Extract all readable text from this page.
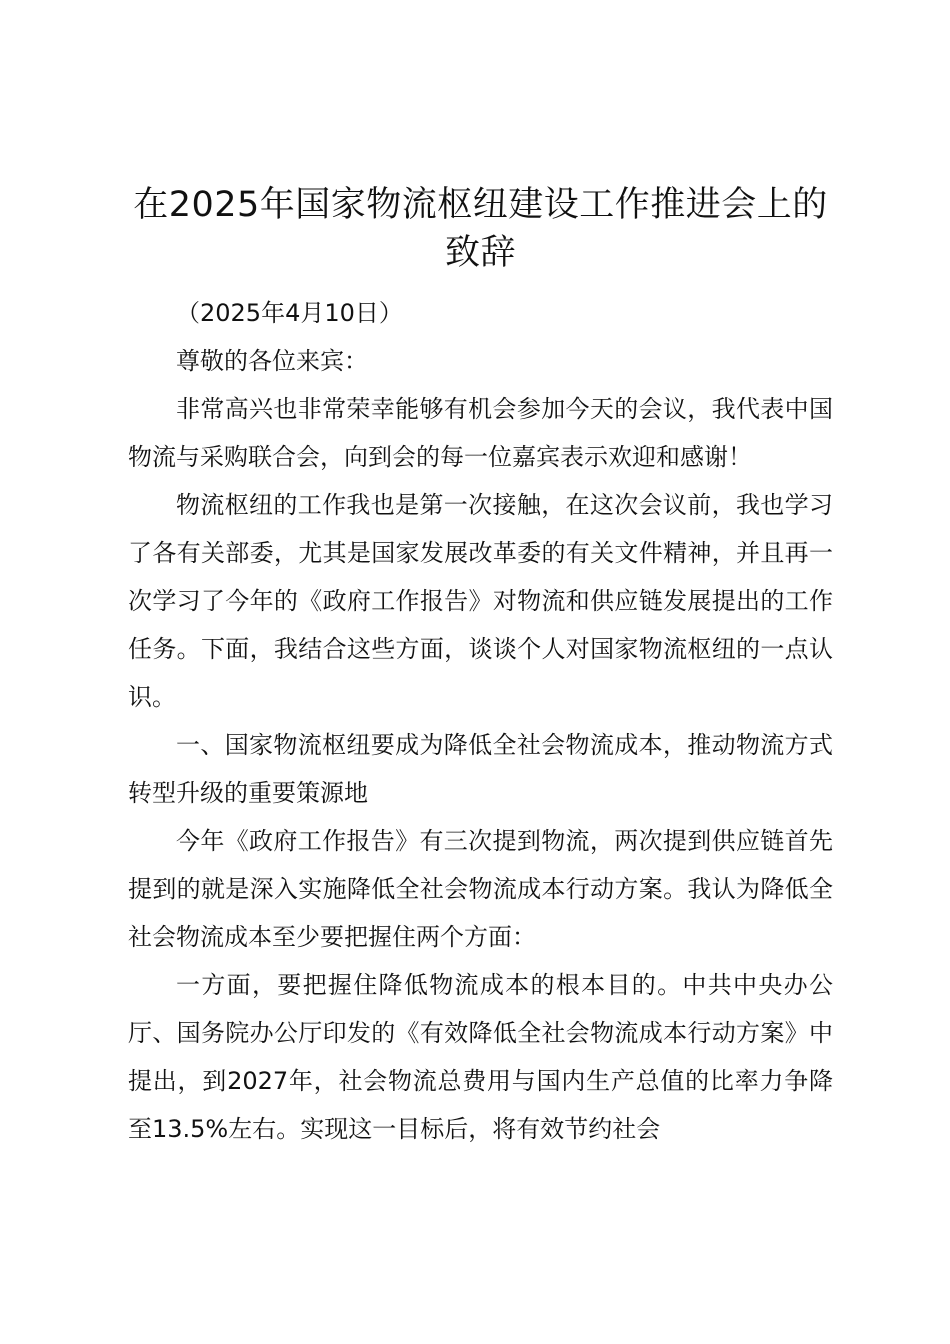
在2025年国家物流枢纽建设工作推进会上的致辞

（2025年4月10日）

尊敬的各位来宾：

非常高兴也非常荣幸能够有机会参加今天的会议，我代表中国物流与采购联合会，向到会的每一位嘉宾表示欢迎和感谢！

物流枢纽的工作我也是第一次接触，在这次会议前，我也学习了各有关部委，尤其是国家发展改革委的有关文件精神，并且再一次学习了今年的《政府工作报告》对物流和供应链发展提出的工作任务。下面，我结合这些方面，谈谈个人对国家物流枢纽的一点认识。

一、国家物流枢纽要成为降低全社会物流成本，推动物流方式转型升级的重要策源地

今年《政府工作报告》有三次提到物流，两次提到供应链首先提到的就是深入实施降低全社会物流成本行动方案。我认为降低全社会物流成本至少要把握住两个方面：

一方面，要把握住降低物流成本的根本目的。中共中央办公厅、国务院办公厅印发的《有效降低全社会物流成本行动方案》中提出，到2027年，社会物流总费用与国内生产总值的比率力争降至13.5%左右。实现这一目标后，将有效节约社会
